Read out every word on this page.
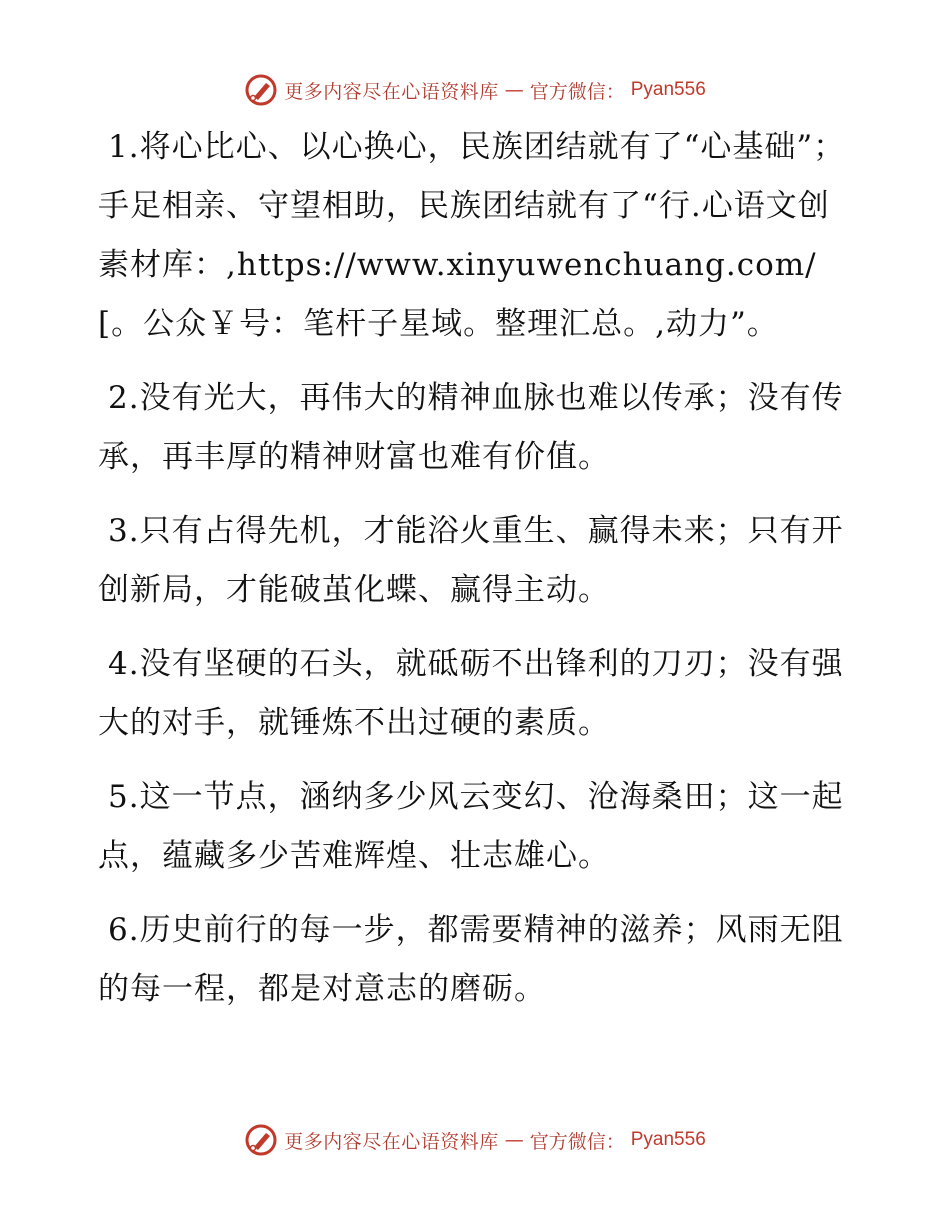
更多内容尽在心语资料库 — 官方微信： Pyan556

1.将心比心、以心换心，民族团结就有了“心基础”；手足相亲、守望相助，民族团结就有了“行.心语文创素材库：,https://www.xinyuwenchuang.com/[。公众￥号：笔杆子星域。整理汇总。,动力”。

2.没有光大，再伟大的精神血脉也难以传承；没有传承，再丰厚的精神财富也难有价值。

3.只有占得先机，才能浴火重生、赢得未来；只有开创新局，才能破茧化蝶、赢得主动。

4.没有坚硬的石头，就砥砺不出锋利的刀刃；没有强大的对手，就锤炼不出过硬的素质。

5.这一节点，涵纳多少风云变幻、沧海桑田；这一起点，蕴藏多少苦难辉煌、壮志雄心。

6.历史前行的每一步，都需要精神的滋养；风雨无阻的每一程，都是对意志的磨砺。

更多内容尽在心语资料库 — 官方微信： Pyan556
